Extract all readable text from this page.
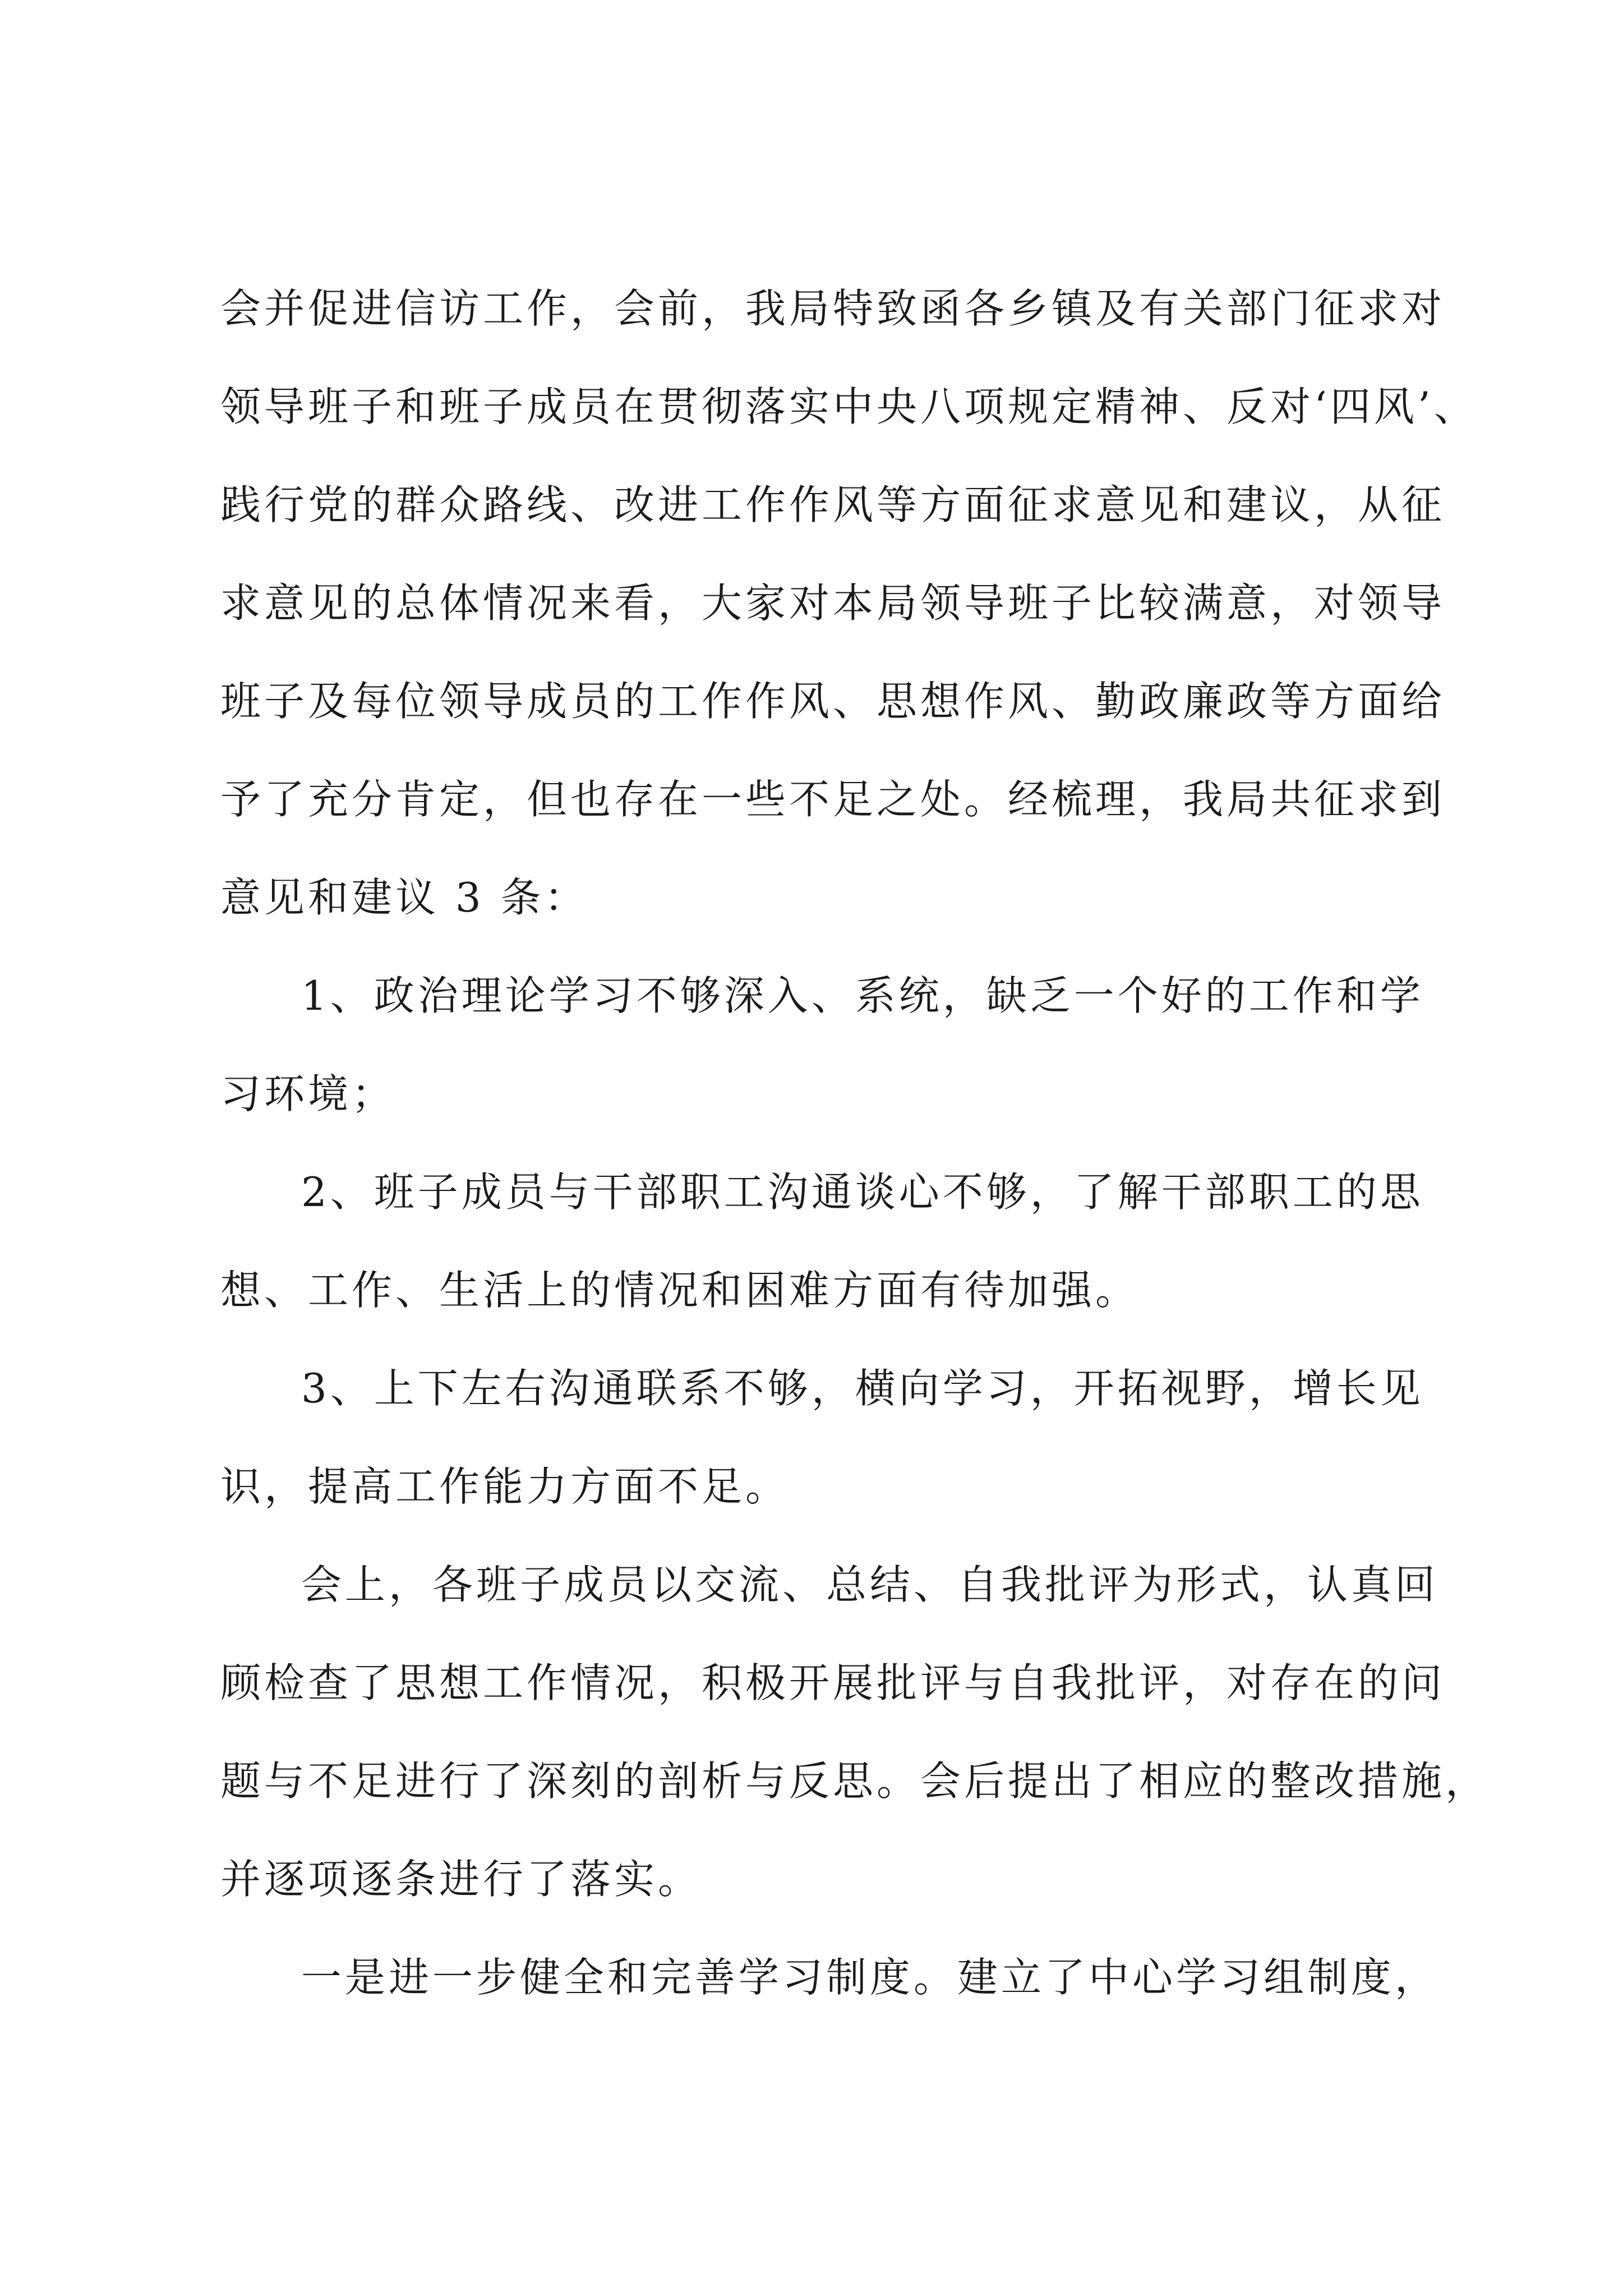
会并促进信访工作，会前，我局特致函各乡镇及有关部门征求对
领导班子和班子成员在贯彻落实中央八项规定精神、反对‘四风’、
践行党的群众路线、改进工作作风等方面征求意见和建议，从征
求意见的总体情况来看，大家对本局领导班子比较满意，对领导
班子及每位领导成员的工作作风、思想作风、勤政廉政等方面给
予了充分肯定，但也存在一些不足之处。经梳理，我局共征求到
意见和建议 3 条：
1、政治理论学习不够深入、系统，缺乏一个好的工作和学
习环境；
2、班子成员与干部职工沟通谈心不够，了解干部职工的思
想、工作、生活上的情况和困难方面有待加强。
3、上下左右沟通联系不够，横向学习，开拓视野，增长见
识，提高工作能力方面不足。
会上，各班子成员以交流、总结、自我批评为形式，认真回
顾检查了思想工作情况，积极开展批评与自我批评，对存在的问
题与不足进行了深刻的剖析与反思。会后提出了相应的整改措施，
并逐项逐条进行了落实。
一是进一步健全和完善学习制度。建立了中心学习组制度，
